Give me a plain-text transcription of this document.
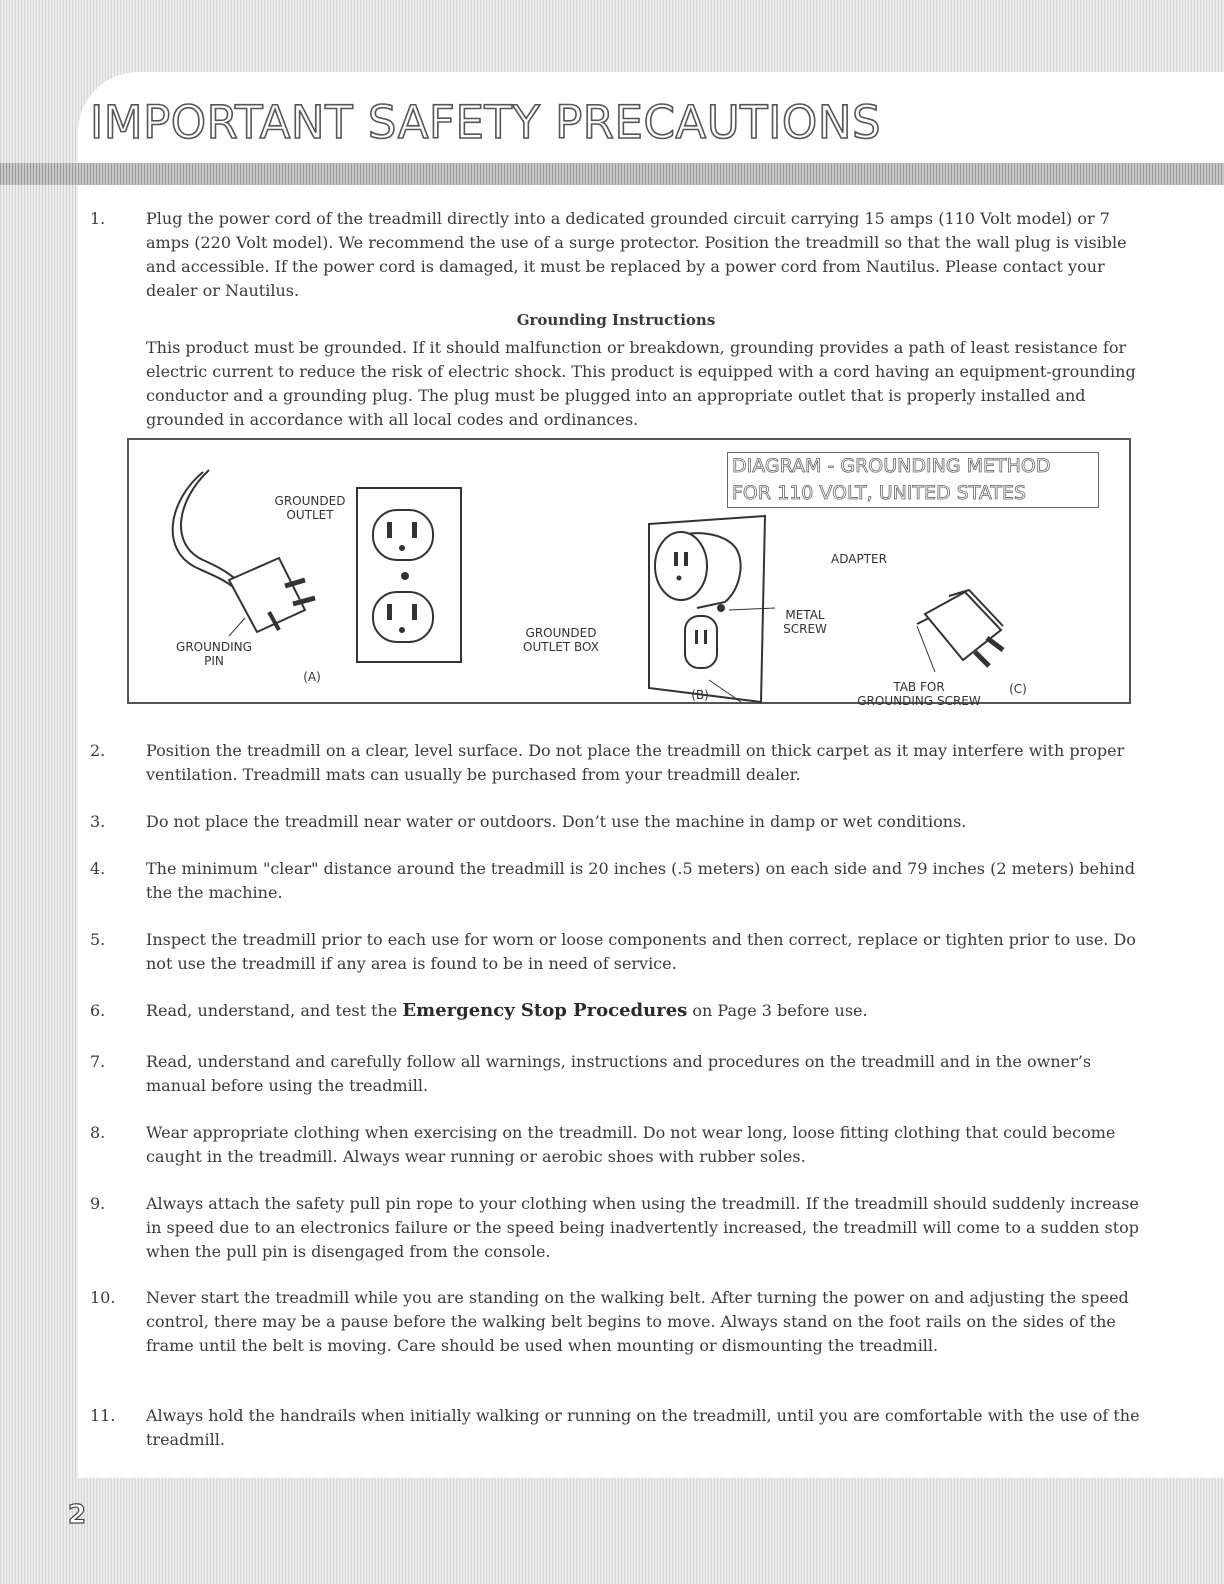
IMPORTANT SAFETY PRECAUTIONS
1.	Plug the power cord of the treadmill directly into a dedicated grounded circuit carrying 15 amps (110 Volt model) or 7 amps (220 Volt model). We recommend the use of a surge protector. Position the treadmill so that the wall plug is visible and accessible. If the power cord is damaged, it must be replaced by a power cord from Nautilus. Please contact your dealer or Nautilus.
Grounding Instructions
This product must be grounded. If it should malfunction or breakdown, grounding provides a path of least resistance for electric current to reduce the risk of electric shock. This product is equipped with a cord having an equipment-grounding conductor and a grounding plug. The plug must be plugged into an appropriate outlet that is properly installed and grounded in accordance with all local codes and ordinances.
DIAGRAM - GROUNDING METHOD
FOR 110 VOLT, UNITED STATES
GROUNDED
OUTLET
GROUNDING
PIN
(A)
GROUNDED
OUTLET BOX
(B)
ADAPTER
METAL
SCREW
TAB FOR
GROUNDING SCREW
(C)
2.	Position the treadmill on a clear, level surface. Do not place the treadmill on thick carpet as it may interfere with proper ventilation. Treadmill mats can usually be purchased from your treadmill dealer.
3.	Do not place the treadmill near water or outdoors. Don’t use the machine in damp or wet conditions.
4.	The minimum "clear" distance around the treadmill is 20 inches (.5 meters) on each side and 79 inches (2 meters) behind the the machine.
5.	Inspect the treadmill prior to each use for worn or loose components and then correct, replace or tighten prior to use. Do not use the treadmill if any area is found to be in need of service.
6.	Read, understand, and test the Emergency Stop Procedures on Page 3 before use.
7.	Read, understand and carefully follow all warnings, instructions and procedures on the treadmill and in the owner’s manual before using the treadmill.
8.	Wear appropriate clothing when exercising on the treadmill. Do not wear long, loose fitting clothing that could become caught in the treadmill. Always wear running or aerobic shoes with rubber soles.
9.	Always attach the safety pull pin rope to your clothing when using the treadmill. If the treadmill should suddenly increase in speed due to an electronics failure or the speed being inadvertently increased, the treadmill will come to a sudden stop when the pull pin is disengaged from the console.
10. Never start the treadmill while you are standing on the walking belt. After turning the power on and adjusting the speed control, there may be a pause before the walking belt begins to move. Always stand on the foot rails on the sides of the frame until the belt is moving. Care should be used when mounting or dismounting the treadmill.
11. Always hold the handrails when initially walking or running on the treadmill, until you are comfortable with the use of the treadmill.
2
